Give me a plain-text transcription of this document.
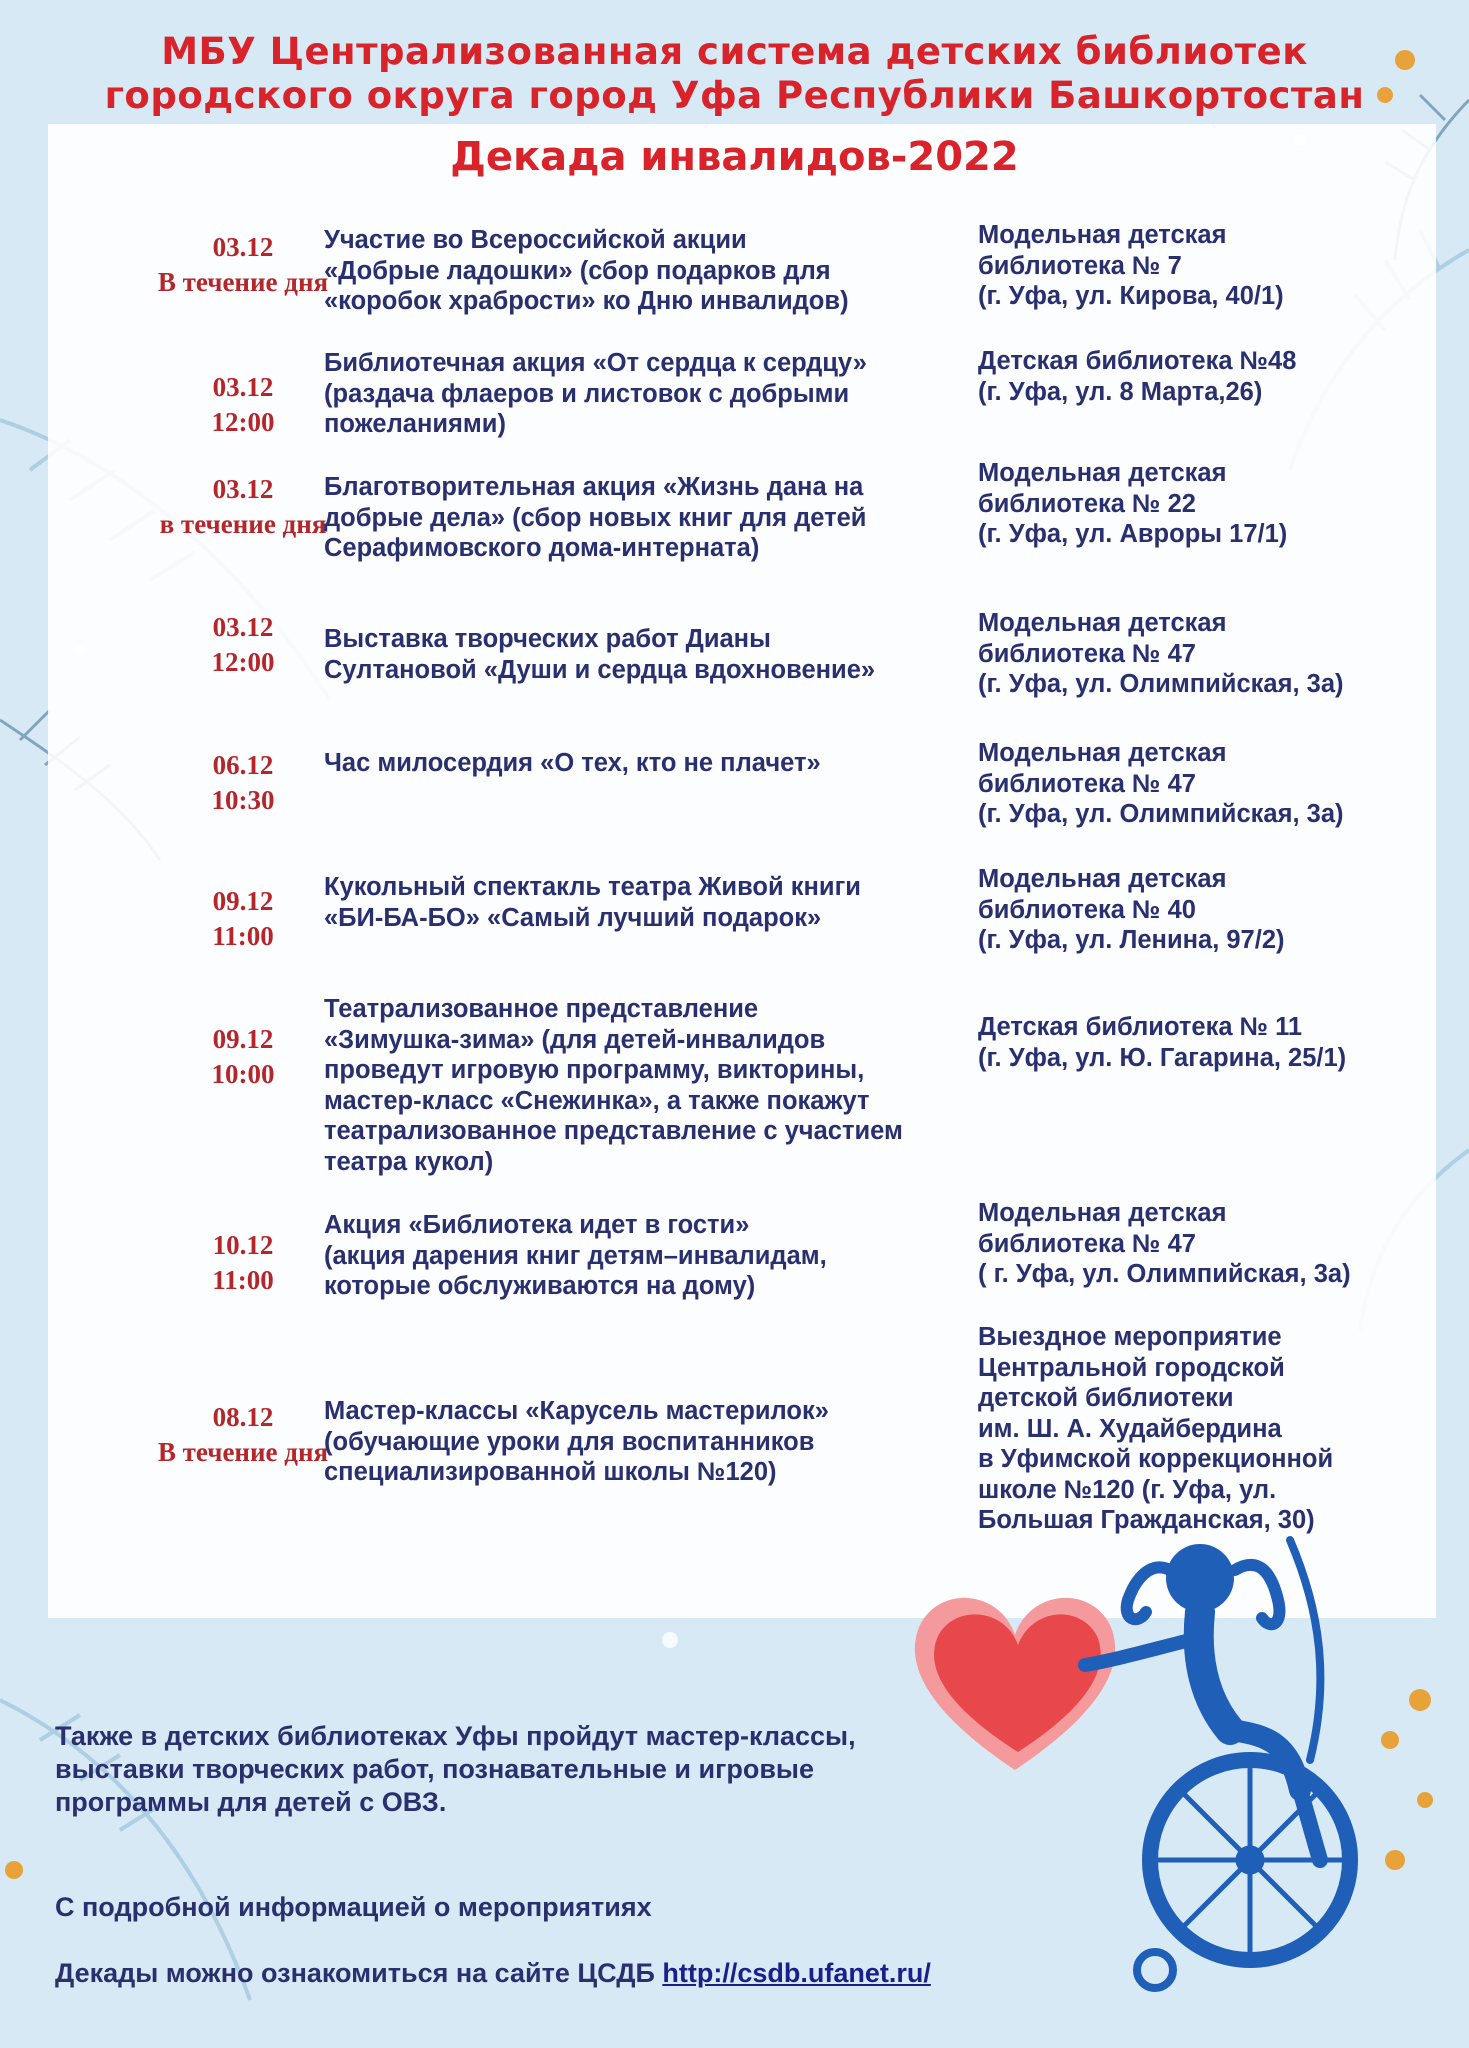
МБУ Централизованная система детских библиотек
городского округа город Уфа Республики Башкортостан
Декада инвалидов-2022
03.12
В течение дня
Участие во Всероссийской акции
«Добрые ладошки» (сбор подарков для
«коробок храбрости» ко Дню инвалидов)
Модельная детская
библиотека № 7
(г. Уфа, ул. Кирова, 40/1)
03.12
12:00
Библиотечная акция «От сердца к сердцу»
(раздача флаеров и листовок с добрыми
пожеланиями)
Детская библиотека №48
(г. Уфа, ул. 8 Марта,26)
03.12
в течение дня
Благотворительная акция «Жизнь дана на
добрые дела» (сбор новых книг для детей
Серафимовского дома-интерната)
Модельная детская
библиотека № 22
(г. Уфа, ул. Авроры 17/1)
03.12
12:00
Выставка творческих работ Дианы
Султановой «Души и сердца вдохновение»
Модельная детская
библиотека № 47
(г. Уфа, ул. Олимпийская, 3а)
06.12
10:30
Час милосердия «О тех, кто не плачет»	Модельная детская
библиотека № 47
(г. Уфа, ул. Олимпийская, 3а)
09.12
11:00
Кукольный спектакль театра Живой книги
«БИ-БА-БО» «Самый лучший подарок»
Модельная детская
библиотека № 40
(г. Уфа, ул. Ленина, 97/2)
09.12
10:00
Театрализованное представление
«Зимушка-зима» (для детей-инвалидов
проведут игровую программу, викторины,
мастер-класс «Снежинка», а также покажут
театрализованное представление с участием
театра кукол)
Детская библиотека № 11
(г. Уфа, ул. Ю. Гагарина, 25/1)
10.12
11:00
Акция «Библиотека идет в гости»
(акция дарения книг детям–инвалидам,
которые обслуживаются на дому)
Модельная детская
библиотека № 47
( г. Уфа, ул. Олимпийская, 3а)
08.12
В течение дня
Мастер-классы «Карусель мастерилок»
(обучающие уроки для воспитанников
специализированной школы №120)
Выездное мероприятие
Центральной городской
детской библиотеки
им. Ш. А. Худайбердина
в Уфимской коррекционной
школе №120 (г. Уфа, ул.
Большая Гражданская, 30)
Также в детских библиотеках Уфы пройдут мастер-классы,
выставки творческих работ, познавательные и игровые
программы для детей с ОВЗ.

С подробной информацией о мероприятиях

Декады можно ознакомиться на сайте ЦСДБ http://csdb.ufanet.ru/
